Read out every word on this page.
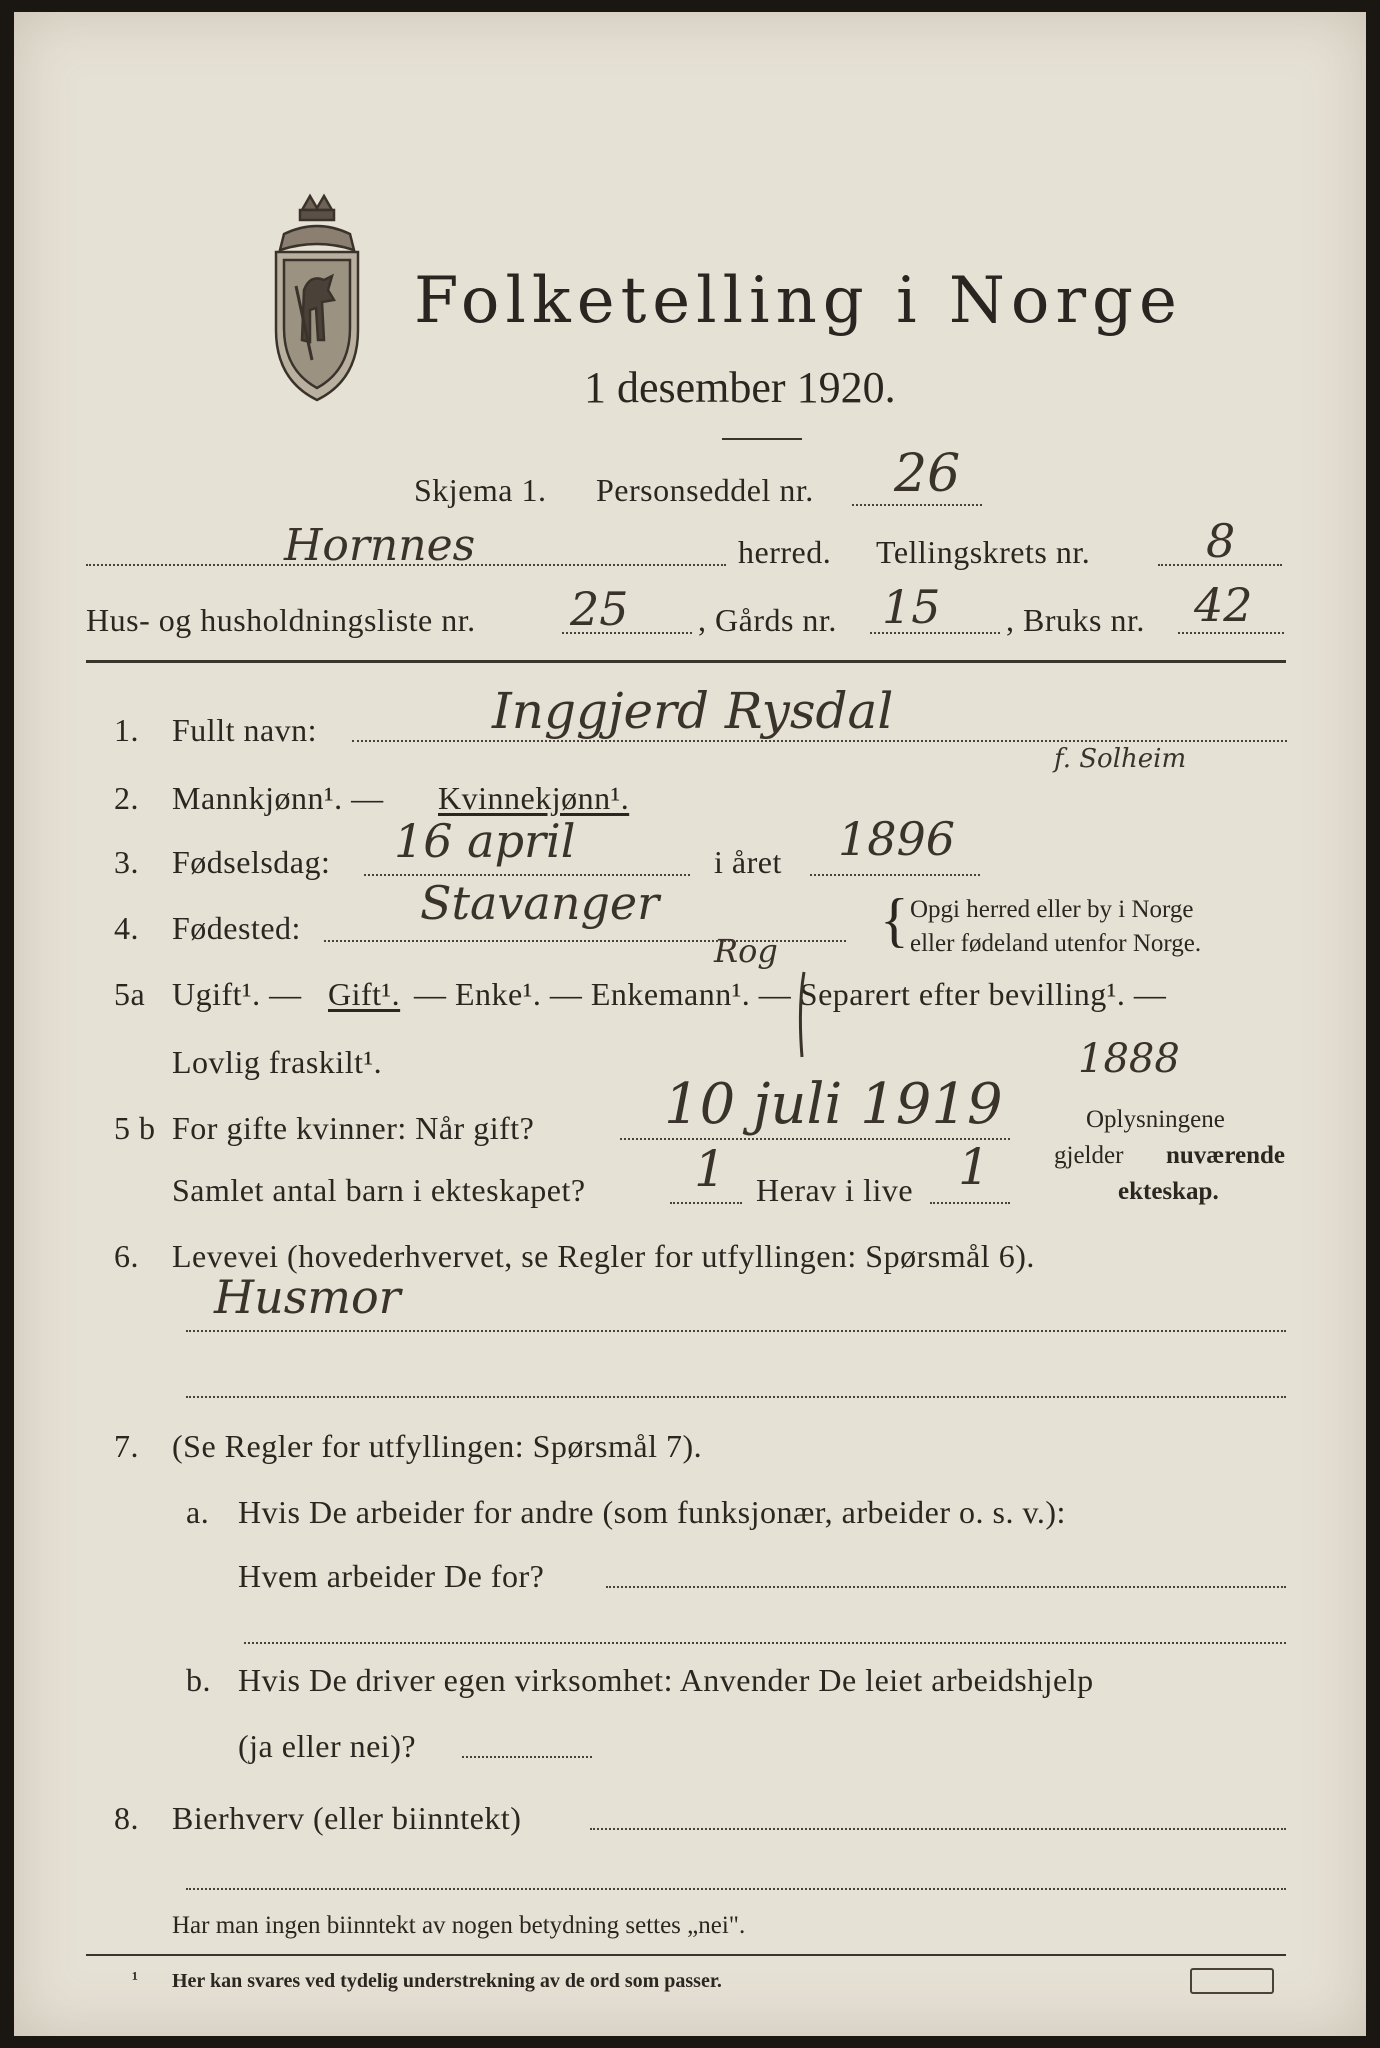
Folketelling i Norge
1 desember 1920.
Skjema 1. Personseddel nr. 26
Hornnes	herred. Tellingskrets nr.	8
Hus- og husholdningsliste nr. 25 , Gårds nr. 15 , Bruks nr. 42
1. Fullt navn:	Inggjerd Rysdal
f. Solheim
2. Mannkjønn¹. — Kvinnekjønn¹.
3. Fødselsdag: 16 april	i året 1896
4. Fødested:	Stavanger
Rog { Opgi herred eller by i Norge
eller fødeland utenfor Norge.
5a Ugift¹. — Gift¹. — Enke¹. — Enkemann¹. — Separert efter bevilling¹. —
Lovlig fraskilt¹.	1888
5 b For gifte kvinner: Når gift? 10 juli 1919
Samlet antal barn i ekteskapet? 1 Herav i live 1
Oplysningene
gjelder nuværende
ekteskap.
6. Levevei (hovederhvervet, se Regler for utfyllingen: Spørsmål 6).
Husmor
7. (Se Regler for utfyllingen: Spørsmål 7).
a. Hvis De arbeider for andre (som funksjonær, arbeider o. s. v.):
Hvem arbeider De for?
b. Hvis De driver egen virksomhet: Anvender De leiet arbeidshjelp
(ja eller nei)?
8. Bierhverv (eller biinntekt)
Har man ingen biinntekt av nogen betydning settes „nei".
¹ Her kan svares ved tydelig understrekning av de ord som passer.
